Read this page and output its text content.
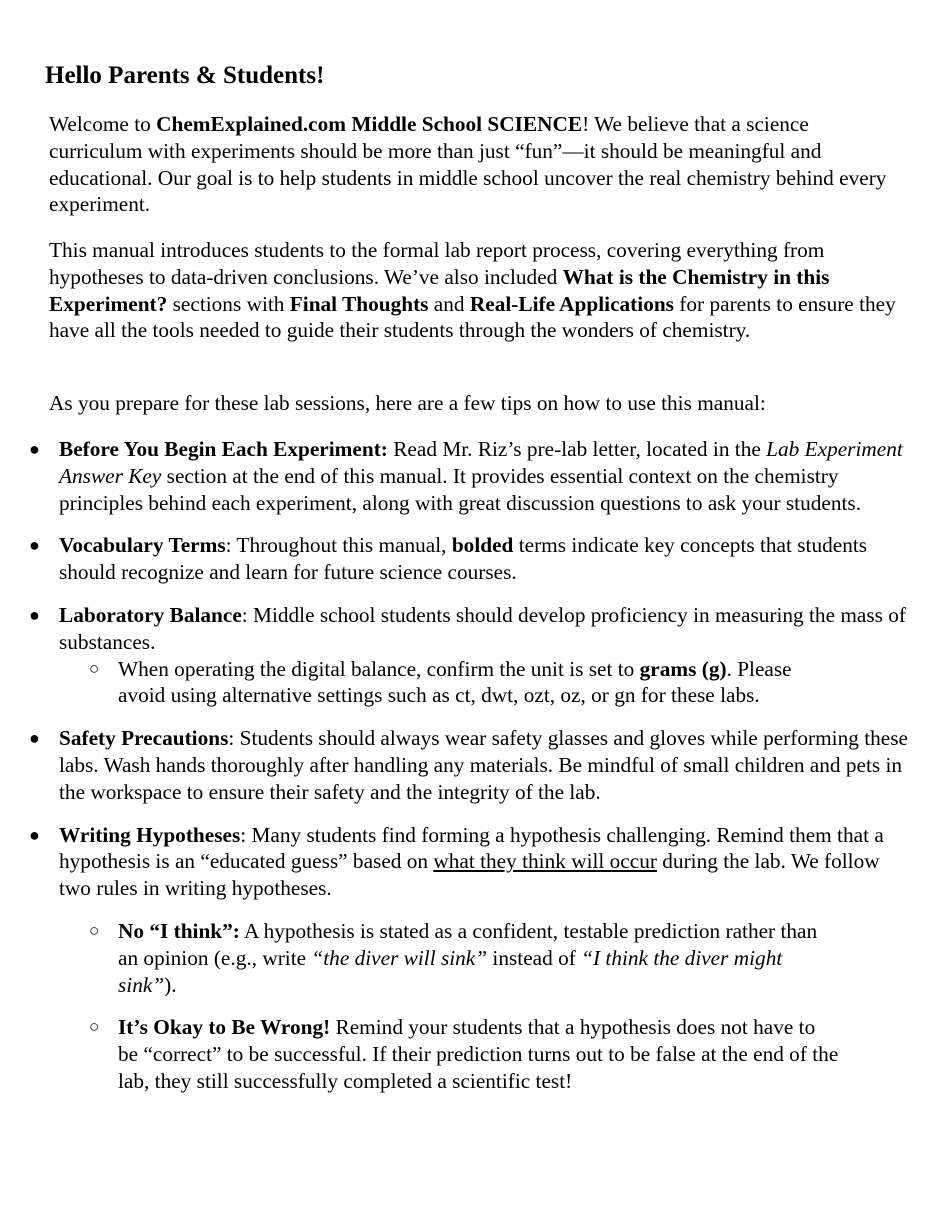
Hello Parents & Students!

Welcome to ChemExplained.com Middle School SCIENCE! We believe that a science curriculum with experiments should be more than just “fun”—it should be meaningful and educational. Our goal is to help students in middle school uncover the real chemistry behind every experiment.

This manual introduces students to the formal lab report process, covering everything from hypotheses to data-driven conclusions. We’ve also included What is the Chemistry in this Experiment? sections with Final Thoughts and Real-Life Applications for parents to ensure they have all the tools needed to guide their students through the wonders of chemistry.

As you prepare for these lab sessions, here are a few tips on how to use this manual:

● Before You Begin Each Experiment: Read Mr. Riz’s pre-lab letter, located in the Lab Experiment Answer Key section at the end of this manual. It provides essential context on the chemistry principles behind each experiment, along with great discussion questions to ask your students.
● Vocabulary Terms: Throughout this manual, bolded terms indicate key concepts that students should recognize and learn for future science courses.
● Laboratory Balance: Middle school students should develop proficiency in measuring the mass of substances.
○ When operating the digital balance, confirm the unit is set to grams (g). Please avoid using alternative settings such as ct, dwt, ozt, oz, or gn for these labs.
● Safety Precautions: Students should always wear safety glasses and gloves while performing these labs. Wash hands thoroughly after handling any materials. Be mindful of small children and pets in the workspace to ensure their safety and the integrity of the lab.
● Writing Hypotheses: Many students find forming a hypothesis challenging. Remind them that a hypothesis is an “educated guess” based on what they think will occur during the lab. We follow two rules in writing hypotheses.
○ No “I think”: A hypothesis is stated as a confident, testable prediction rather than an opinion (e.g., write “the diver will sink” instead of “I think the diver might sink”).
○ It’s Okay to Be Wrong! Remind your students that a hypothesis does not have to be “correct” to be successful. If their prediction turns out to be false at the end of the lab, they still successfully completed a scientific test!
